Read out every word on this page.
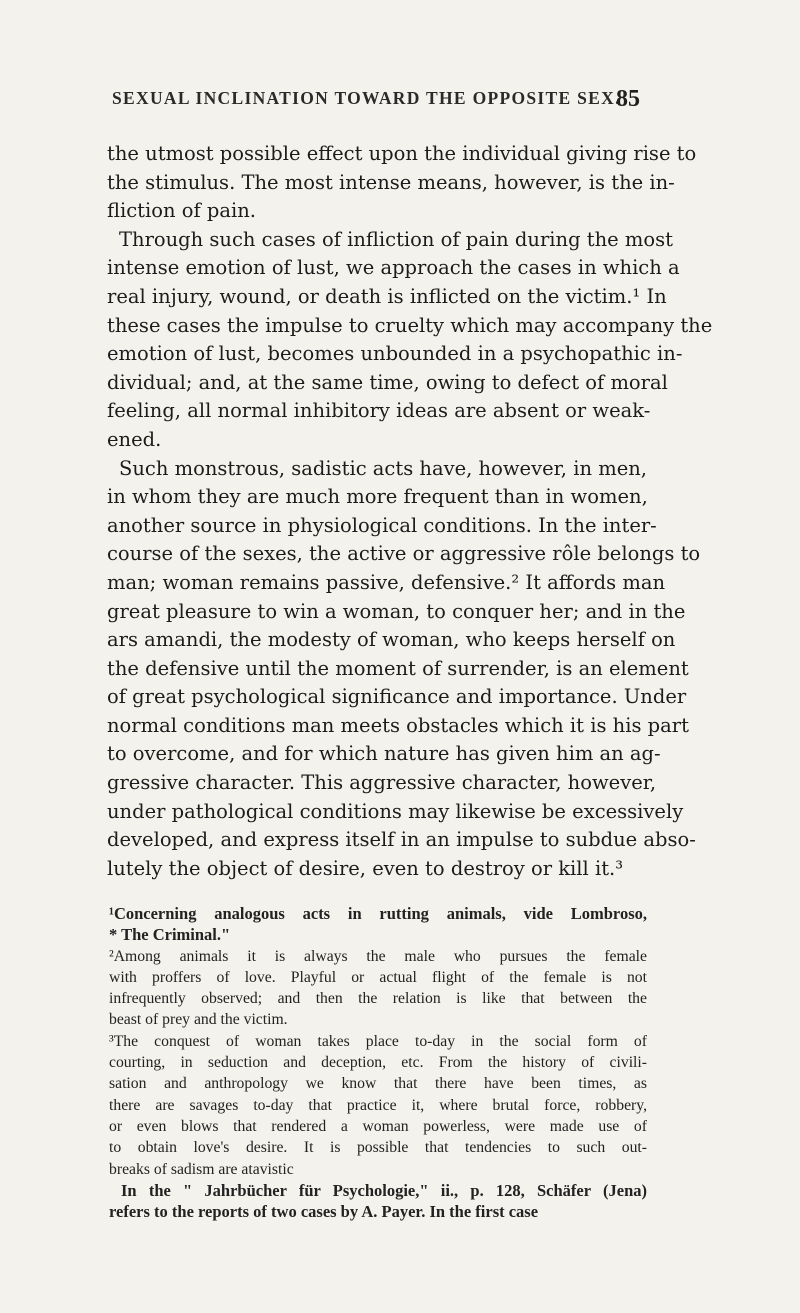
SEXUAL INCLINATION TOWARD THE OPPOSITE SEX.
85
the utmost possible effect upon the individual giving rise to
the stimulus. The most intense means, however, is the in-
fliction of pain.
Through such cases of infliction of pain during the most
intense emotion of lust, we approach the cases in which a
real injury, wound, or death is inflicted on the victim.¹ In
these cases the impulse to cruelty which may accompany the
emotion of lust, becomes unbounded in a psychopathic in-
dividual; and, at the same time, owing to defect of moral
feeling, all normal inhibitory ideas are absent or weak-
ened.
Such monstrous, sadistic acts have, however, in men,
in whom they are much more frequent than in women,
another source in physiological conditions. In the inter-
course of the sexes, the active or aggressive rôle belongs to
man; woman remains passive, defensive.² It affords man
great pleasure to win a woman, to conquer her; and in the
ars amandi, the modesty of woman, who keeps herself on
the defensive until the moment of surrender, is an element
of great psychological significance and importance. Under
normal conditions man meets obstacles which it is his part
to overcome, and for which nature has given him an ag-
gressive character. This aggressive character, however,
under pathological conditions may likewise be excessively
developed, and express itself in an impulse to subdue abso-
lutely the object of desire, even to destroy or kill it.³
¹Concerning analogous acts in rutting animals, vide Lombroso,
* The Criminal."
²Among animals it is always the male who pursues the female
with proffers of love. Playful or actual flight of the female is not
infrequently observed; and then the relation is like that between the
beast of prey and the victim.
³The conquest of woman takes place to-day in the social form of
courting, in seduction and deception, etc. From the history of civili-
sation and anthropology we know that there have been times, as
there are savages to-day that practice it, where brutal force, robbery,
or even blows that rendered a woman powerless, were made use of
to obtain love's desire. It is possible that tendencies to such out-
breaks of sadism are atavistic
In the " Jahrbücher für Psychologie," ii., p. 128, Schäfer (Jena)
refers to the reports of two cases by A. Payer. In the first case
